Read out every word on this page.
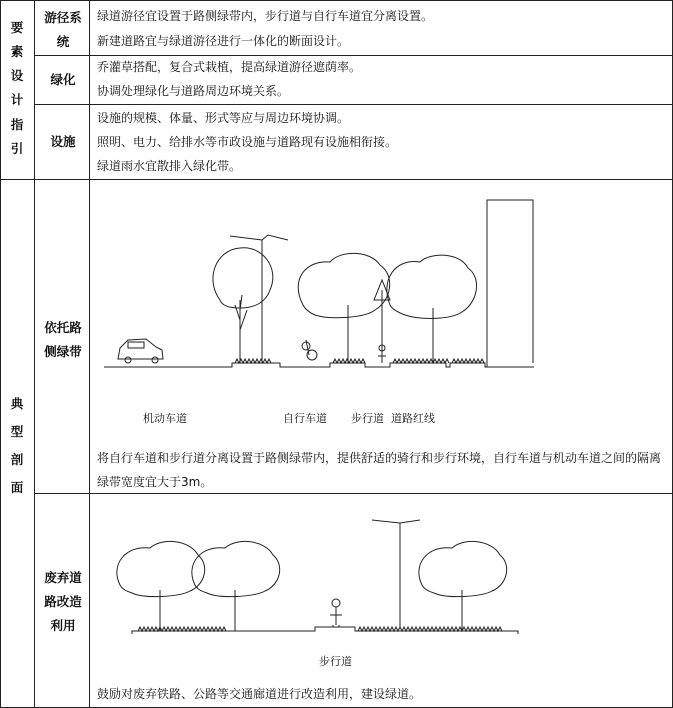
要
素
设
计
指
引
典
型
剖
面
游径系统
绿化
设施
依托路侧绿带
废弃道路改造利用
绿道游径宜设置于路侧绿带内，步行道与自行车道宜分离设置。
新建道路宜与绿道游径进行一体化的断面设计。
乔灌草搭配，复合式栽植，提高绿道游径遮荫率。
协调处理绿化与道路周边环境关系。
设施的规模、体量、形式等应与周边环境协调。
照明、电力、给排水等市政设施与道路现有设施相衔接。
绿道雨水宜散排入绿化带。
机动车道	自行车道 步行道 道路红线
将自行车道和步行道分离设置于路侧绿带内，提供舒适的骑行和步行环境，自行车道与机动车道之间的隔离绿带宽度宜大于3m。
步行道
鼓励对废弃铁路、公路等交通廊道进行改造利用，建设绿道。
